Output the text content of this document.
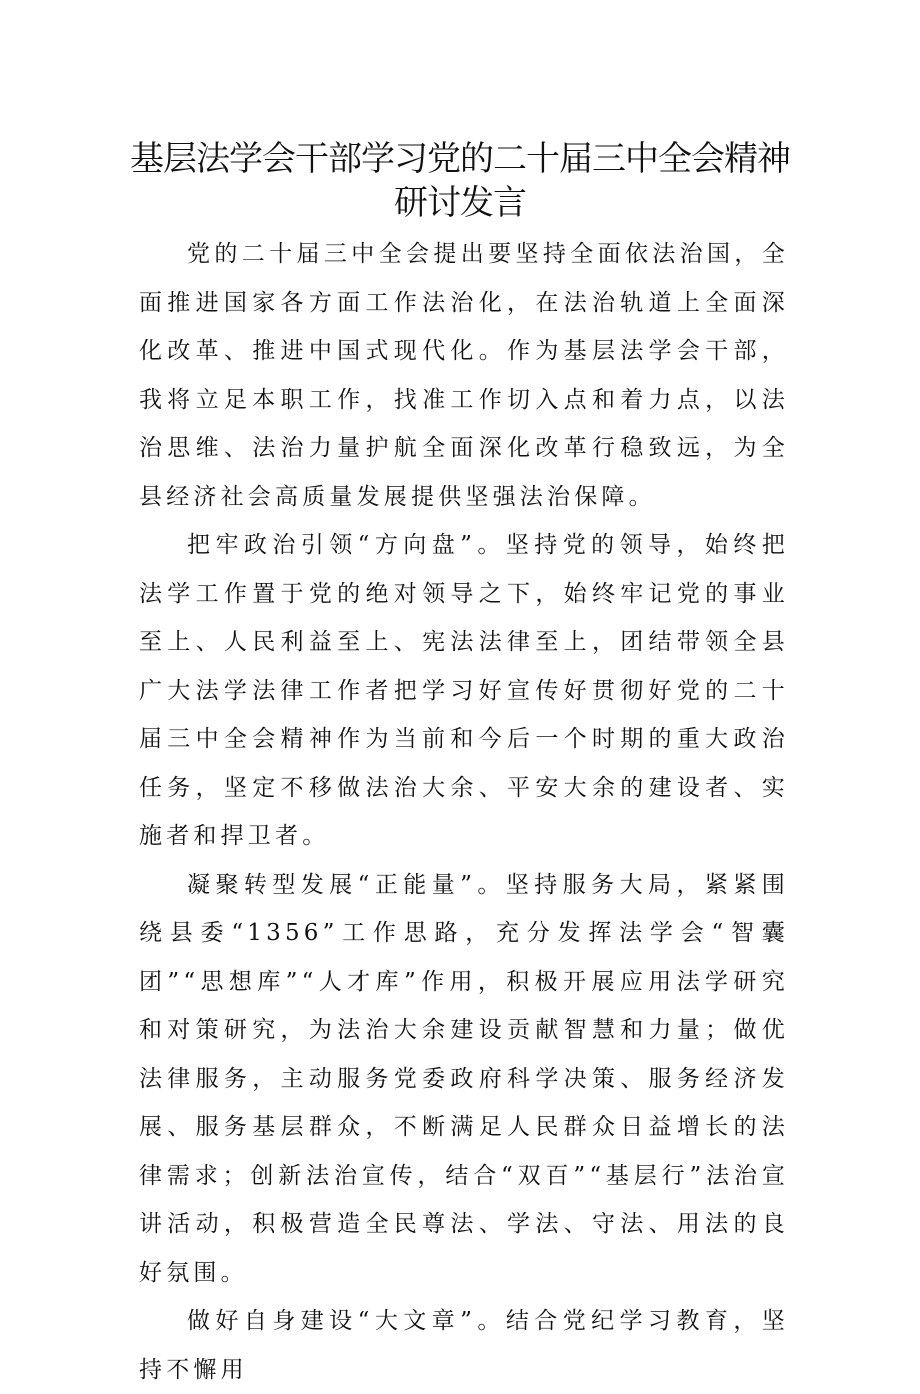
基层法学会干部学习党的二十届三中全会精神
研讨发言

党的二十届三中全会提出要坚持全面依法治国，全面推进国家各方面工作法治化，在法治轨道上全面深化改革、推进中国式现代化。作为基层法学会干部，我将立足本职工作，找准工作切入点和着力点，以法治思维、法治力量护航全面深化改革行稳致远，为全县经济社会高质量发展提供坚强法治保障。

把牢政治引领“方向盘”。坚持党的领导，始终把法学工作置于党的绝对领导之下，始终牢记党的事业至上、人民利益至上、宪法法律至上，团结带领全县广大法学法律工作者把学习好宣传好贯彻好党的二十届三中全会精神作为当前和今后一个时期的重大政治任务，坚定不移做法治大余、平安大余的建设者、实施者和捍卫者。

凝聚转型发展“正能量”。坚持服务大局，紧紧围绕县委“1356”工作思路，充分发挥法学会“智囊团”“思想库”“人才库”作用，积极开展应用法学研究和对策研究，为法治大余建设贡献智慧和力量；做优法律服务，主动服务党委政府科学决策、服务经济发展、服务基层群众，不断满足人民群众日益增长的法律需求；创新法治宣传，结合“双百”“基层行”法治宣讲活动，积极营造全民尊法、学法、守法、用法的良好氛围。

做好自身建设“大文章”。结合党纪学习教育，坚持不懈用
